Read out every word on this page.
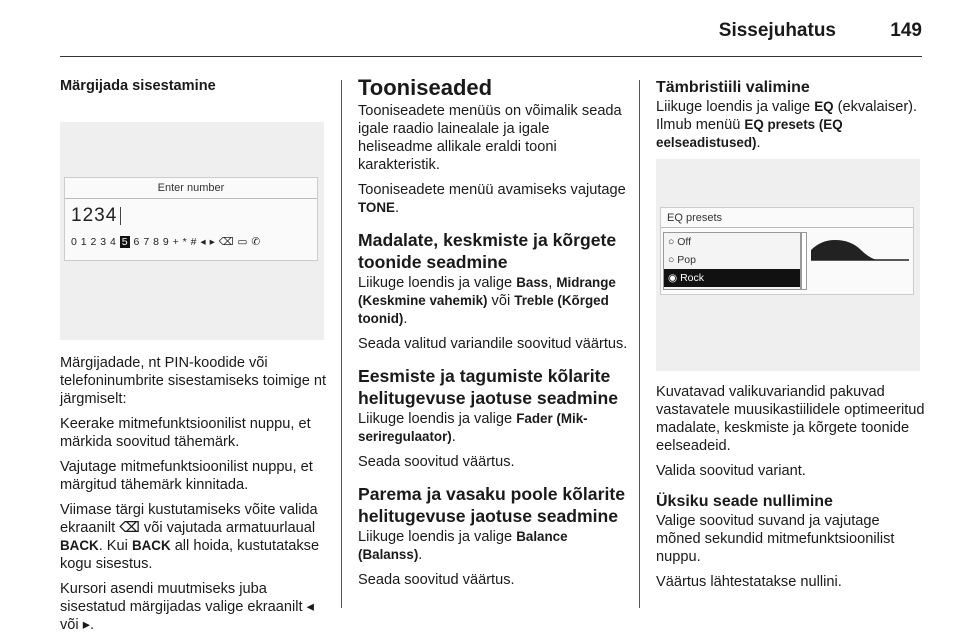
Sissejuhatus	149
Märgijada sisestamine
Enter number
1234
0 1 2 3 4 5 6 7 8 9 + * # ◂ ▸ ⌫ ▭ ✆

Märgijadade, nt PIN-koodide või telefoninumbrite sisestamiseks toimige nt järgmiselt:

Keerake mitmefunktsioonilist nuppu, et märkida soovitud tähemärk.

Vajutage mitmefunktsioonilist nuppu, et märgitud tähemärk kinnitada.

Viimase tärgi kustutamiseks võite valida ekraanilt ⌫ või vajutada armatuurlaual BACK. Kui BACK all hoida, kustutatakse kogu sisestus.

Kursori asendi muutmiseks juba sisestatud märgijadas valige ekraanilt ◂ või ▸.

Tooniseaded

Tooniseadete menüüs on võimalik seada igale raadio lainealale ja igale heliseadme allikale eraldi tooni karakteristik.

Tooniseadete menüü avamiseks vajutage TONE.

Madalate, keskmiste ja kõrgete toonide seadmine

Liikuge loendis ja valige Bass, Midrange (Keskmine vahemik) või Treble (Kõrged toonid).

Seada valitud variandile soovitud väärtus.

Eesmiste ja tagumiste kõlarite helitugevuse jaotuse seadmine

Liikuge loendis ja valige Fader (Mik-seriregulaator).

Seada soovitud väärtus.

Parema ja vasaku poole kõlarite helitugevuse jaotuse seadmine

Liikuge loendis ja valige Balance (Balanss).

Seada soovitud väärtus.

Tämbristiili valimine

Liikuge loendis ja valige EQ (ekvalaiser). Ilmub menüü EQ presets (EQ eelseadistused).

EQ presets
○ Off
○ Pop
◉ Rock

Kuvatavad valikuvariandid pakuvad vastavatele muusikastiilidele optimeeritud madalate, keskmiste ja kõrgete toonide eelseadeid.

Valida soovitud variant.

Üksiku seade nullimine

Valige soovitud suvand ja vajutage mõned sekundid mitmefunktsioonilist nuppu.

Väärtus lähtestatakse nullini.
